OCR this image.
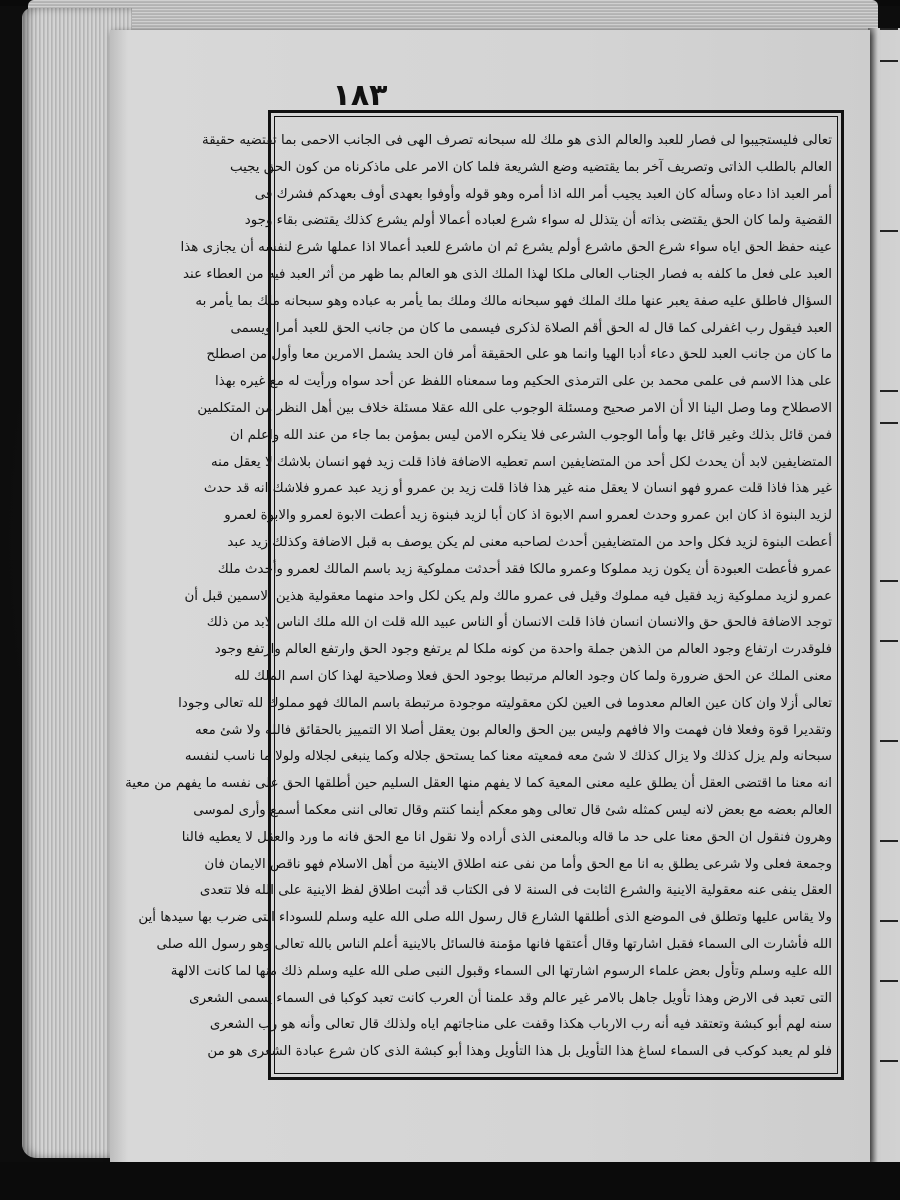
۱۸۳
تعالى فليستجيبوا لى فصار للعبد والعالم الذى هو ملك لله سبحانه تصرف الهى فى الجانب الاحمى بما تقتضيه حقيقة
العالم بالطلب الذاتى وتصريف آخر بما يقتضيه وضع الشريعة فلما كان الامر على ماذكرناه من كون الحق يجيب
أمر العبد اذا دعاه وسأله كان العبد يجيب أمر الله اذا أمره وهو قوله وأوفوا بعهدى أوف بعهدكم فشرك فى
القضية ولما كان الحق يقتضى بذاته أن يتذلل له سواء شرع لعباده أعمالا أولم يشرع كذلك يقتضى بقاء وجود
عينه حفظ الحق اياه سواء شرع الحق ماشرع أولم يشرع ثم ان ماشرع للعبد أعمالا اذا عملها شرع لنفسه أن يجازى هذا
العبد على فعل ما كلفه به فصار الجناب العالى ملكا لهذا الملك الذى هو العالم بما ظهر من أثر العبد فيه من العطاء عند
السؤال فاطلق عليه صفة يعبر عنها ملك الملك فهو سبحانه مالك وملك بما يأمر به عباده وهو سبحانه ملك بما يأمر به
العبد فيقول رب اغفرلى كما قال له الحق أقم الصلاة لذكرى فيسمى ما كان من جانب الحق للعبد أمرا ويسمى
ما كان من جانب العبد للحق دعاء أدبا الهيا وانما هو على الحقيقة أمر فان الحد يشمل الامرين معا وأول من اصطلح
على هذا الاسم فى علمى محمد بن على الترمذى الحكيم وما سمعناه اللفظ عن أحد سواه ورأيت له مع غيره بهذا
الاصطلاح وما وصل الينا الا أن الامر صحيح ومسئلة الوجوب على الله عقلا مسئلة خلاف بين أهل النظر من المتكلمين
فمن قائل بذلك وغير قائل بها وأما الوجوب الشرعى فلا ينكره الامن ليس بمؤمن بما جاء من عند الله واعلم ان
المتضايفين لابد أن يحدث لكل أحد من المتضايفين اسم تعطيه الاضافة فاذا قلت زيد فهو انسان بلاشك لا يعقل منه
غير هذا فاذا قلت عمرو فهو انسان لا يعقل منه غير هذا فاذا قلت زيد بن عمرو أو زيد عبد عمرو فلاشك انه قد حدث
لزيد البنوة اذ كان ابن عمرو وحدث لعمرو اسم الابوة اذ كان أبا لزيد فبنوة زيد أعطت الابوة لعمرو والابوة لعمرو
أعطت البنوة لزيد فكل واحد من المتضايفين أحدث لصاحبه معنى لم يكن يوصف به قبل الاضافة وكذلك زيد عبد
عمرو فأعطت العبودة أن يكون زيد مملوكا وعمرو مالكا فقد أحدثت مملوكية زيد باسم المالك لعمرو وأحدث ملك
عمرو لزيد مملوكية زيد فقيل فيه مملوك وقيل فى عمرو مالك ولم يكن لكل واحد منهما معقولية هذين الاسمين قبل أن
توجد الاضافة فالحق حق والانسان انسان فاذا قلت الانسان أو الناس عبيد الله قلت ان الله ملك الناس لابد من ذلك
فلوقدرت ارتفاع وجود العالم من الذهن جملة واحدة من كونه ملكا لم يرتفع وجود الحق وارتفع العالم وارتفع وجود
معنى الملك عن الحق ضرورة ولما كان وجود العالم مرتبطا بوجود الحق فعلا وصلاحية لهذا كان اسم الملك لله
تعالى أزلا وان كان عين العالم معدوما فى العين لكن معقوليته موجودة مرتبطة باسم المالك فهو مملوك لله تعالى وجودا
وتقديرا قوة وفعلا فان فهمت والا فافهم وليس بين الحق والعالم بون يعقل أصلا الا التمييز بالحقائق فالله ولا شئ معه
سبحانه ولم يزل كذلك ولا يزال كذلك لا شئ معه فمعيته معنا كما يستحق جلاله وكما ينبغى لجلاله ولولا ما ناسب لنفسه
انه معنا ما اقتضى العقل أن يطلق عليه معنى المعية كما لا يفهم منها العقل السليم حين أطلقها الحق على نفسه ما يفهم من معية
العالم بعضه مع بعض لانه ليس كمثله شئ قال تعالى وهو معكم أينما كنتم وقال تعالى اننى معكما أسمع وأرى لموسى
وهرون فنقول ان الحق معنا على حد ما قاله وبالمعنى الذى أراده ولا نقول انا مع الحق فانه ما ورد والعقل لا يعطيه فالنا
وجمعة فعلى ولا شرعى يطلق به انا مع الحق وأما من نفى عنه اطلاق الاينية من أهل الاسلام فهو ناقص الايمان فان
العقل ينفى عنه معقولية الاينية والشرع الثابت فى السنة لا فى الكتاب قد أثبت اطلاق لفظ الاينية على الله فلا تتعدى
ولا يقاس عليها وتطلق فى الموضع الذى أطلقها الشارع قال رسول الله صلى الله عليه وسلم للسوداء التى ضرب بها سيدها أين
الله فأشارت الى السماء فقبل اشارتها وقال أعتقها فانها مؤمنة فالسائل بالاينية أعلم الناس بالله تعالى وهو رسول الله صلى
الله عليه وسلم وتأول بعض علماء الرسوم اشارتها الى السماء وقبول النبى صلى الله عليه وسلم ذلك منها لما كانت الالهة
التى تعبد فى الارض وهذا تأويل جاهل بالامر غير عالم وقد علمنا أن العرب كانت تعبد كوكبا فى السماء يسمى الشعرى
سنه لهم أبو كبشة وتعتقد فيه أنه رب الارباب هكذا وقفت على مناجاتهم اياه ولذلك قال تعالى وأنه هو رب الشعرى
فلو لم يعبد كوكب فى السماء لساغ هذا التأويل بل هذا التأويل وهذا أبو كبشة الذى كان شرع عبادة الشعرى هو من
